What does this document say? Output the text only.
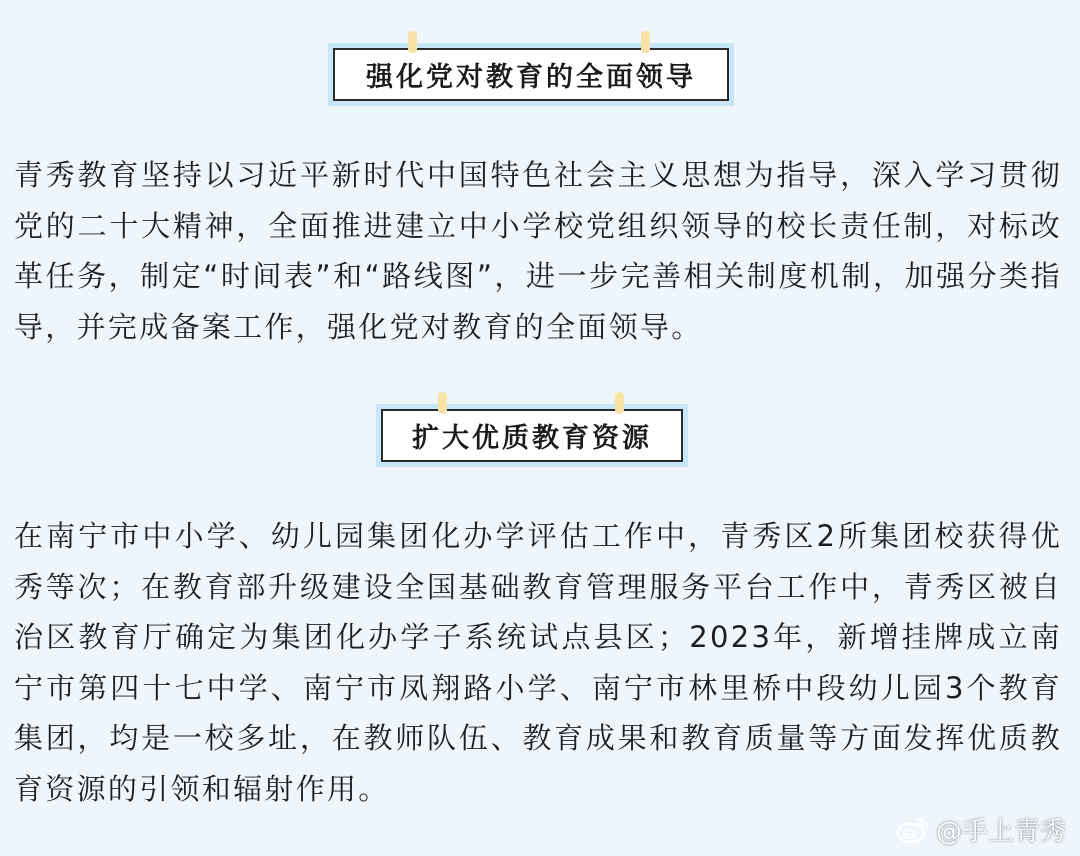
强化党对教育的全面领导

青秀教育坚持以习近平新时代中国特色社会主义思想为指导，深入学习贯彻党的二十大精神，全面推进建立中小学校党组织领导的校长责任制，对标改革任务，制定“时间表”和“路线图”，进一步完善相关制度机制，加强分类指导，并完成备案工作，强化党对教育的全面领导。

扩大优质教育资源

在南宁市中小学、幼儿园集团化办学评估工作中，青秀区2所集团校获得优秀等次；在教育部升级建设全国基础教育管理服务平台工作中，青秀区被自治区教育厅确定为集团化办学子系统试点县区；2023年，新增挂牌成立南宁市第四十七中学、南宁市凤翔路小学、南宁市林里桥中段幼儿园3个教育集团，均是一校多址，在教师队伍、教育成果和教育质量等方面发挥优质教育资源的引领和辐射作用。

@手上青秀
